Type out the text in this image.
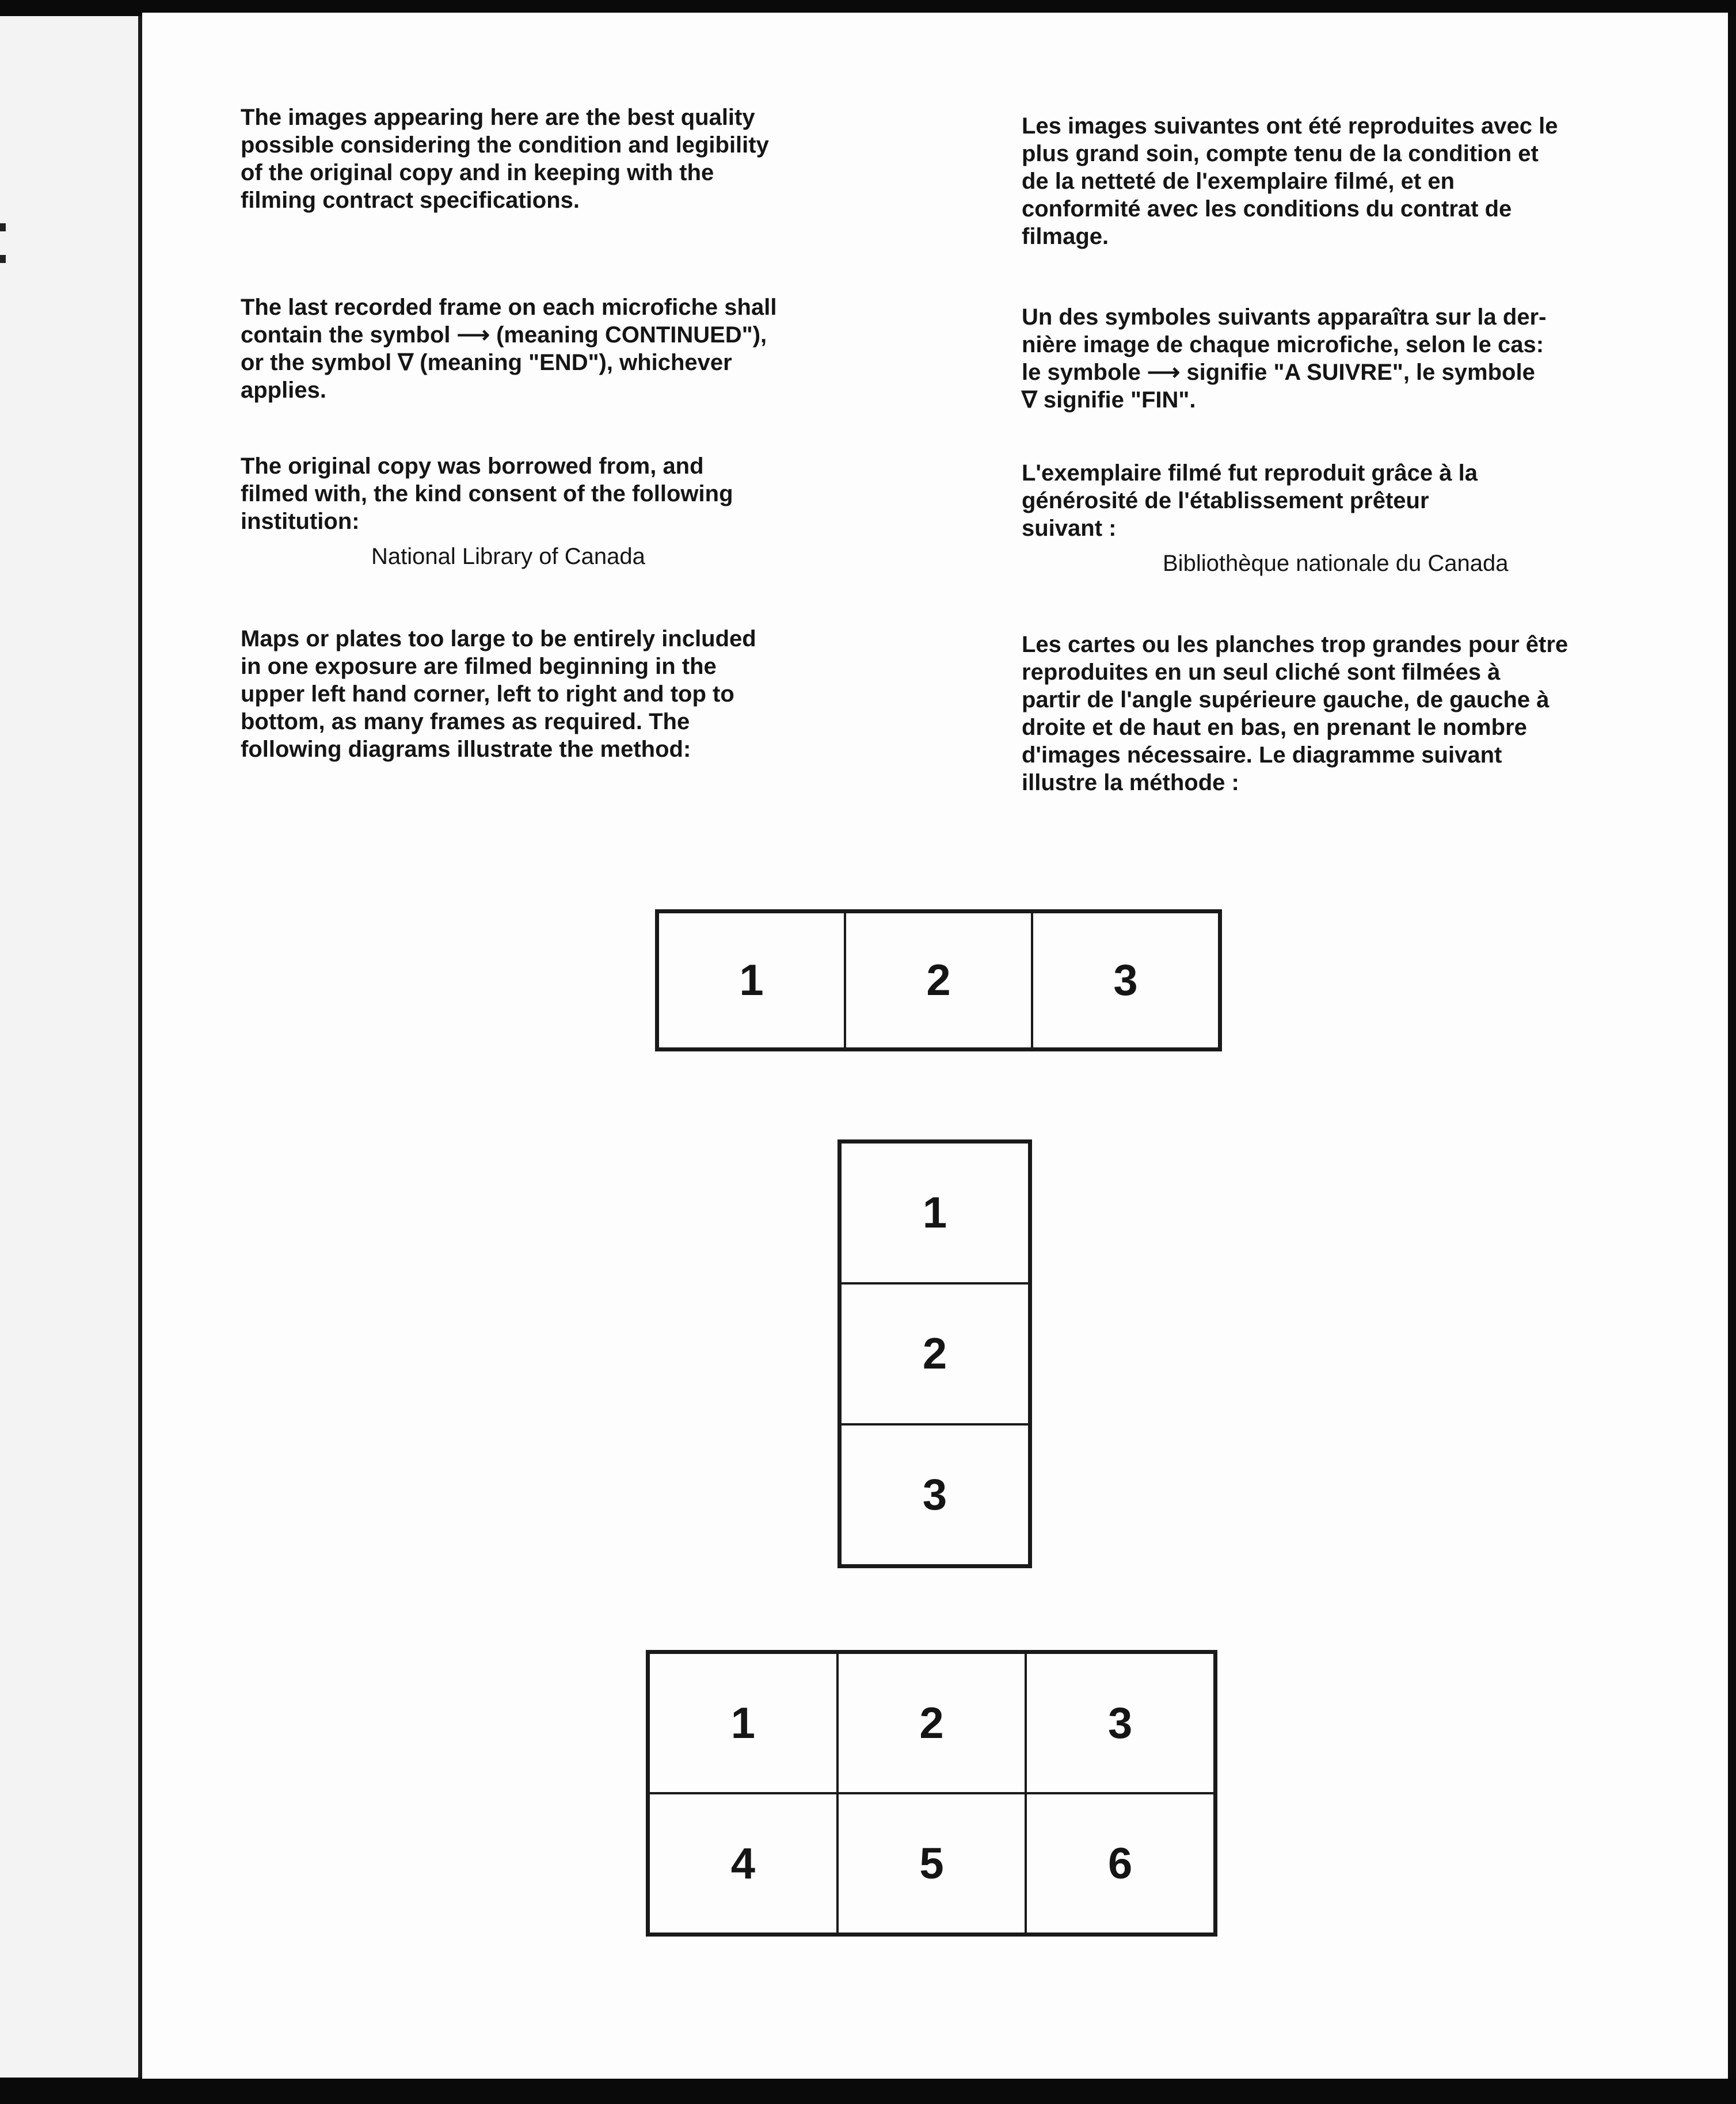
The images appearing here are the best quality
possible considering the condition and legibility
of the original copy and in keeping with the
filming contract specifications.

The last recorded frame on each microfiche shall
contain the symbol ⟶ (meaning CONTINUED"),
or the symbol ∇ (meaning "END"), whichever
applies.

The original copy was borrowed from, and
filmed with, the kind consent of the following
institution:

National Library of Canada

Maps or plates too large to be entirely included
in one exposure are filmed beginning in the
upper left hand corner, left to right and top to
bottom, as many frames as required. The
following diagrams illustrate the method:

Les images suivantes ont été reproduites avec le
plus grand soin, compte tenu de la condition et
de la netteté de l'exemplaire filmé, et en
conformité avec les conditions du contrat de
filmage.

Un des symboles suivants apparaîtra sur la der-
nière image de chaque microfiche, selon le cas:
le symbole ⟶ signifie "A SUIVRE", le symbole
∇ signifie "FIN".

L'exemplaire filmé fut reproduit grâce à la
générosité de l'établissement prêteur
suivant :

Bibliothèque nationale du Canada

Les cartes ou les planches trop grandes pour être
reproduites en un seul cliché sont filmées à
partir de l'angle supérieure gauche, de gauche à
droite et de haut en bas, en prenant le nombre
d'images nécessaire. Le diagramme suivant
illustre la méthode :

1	2	3
1
2
3
1	2	3
4	5	6
